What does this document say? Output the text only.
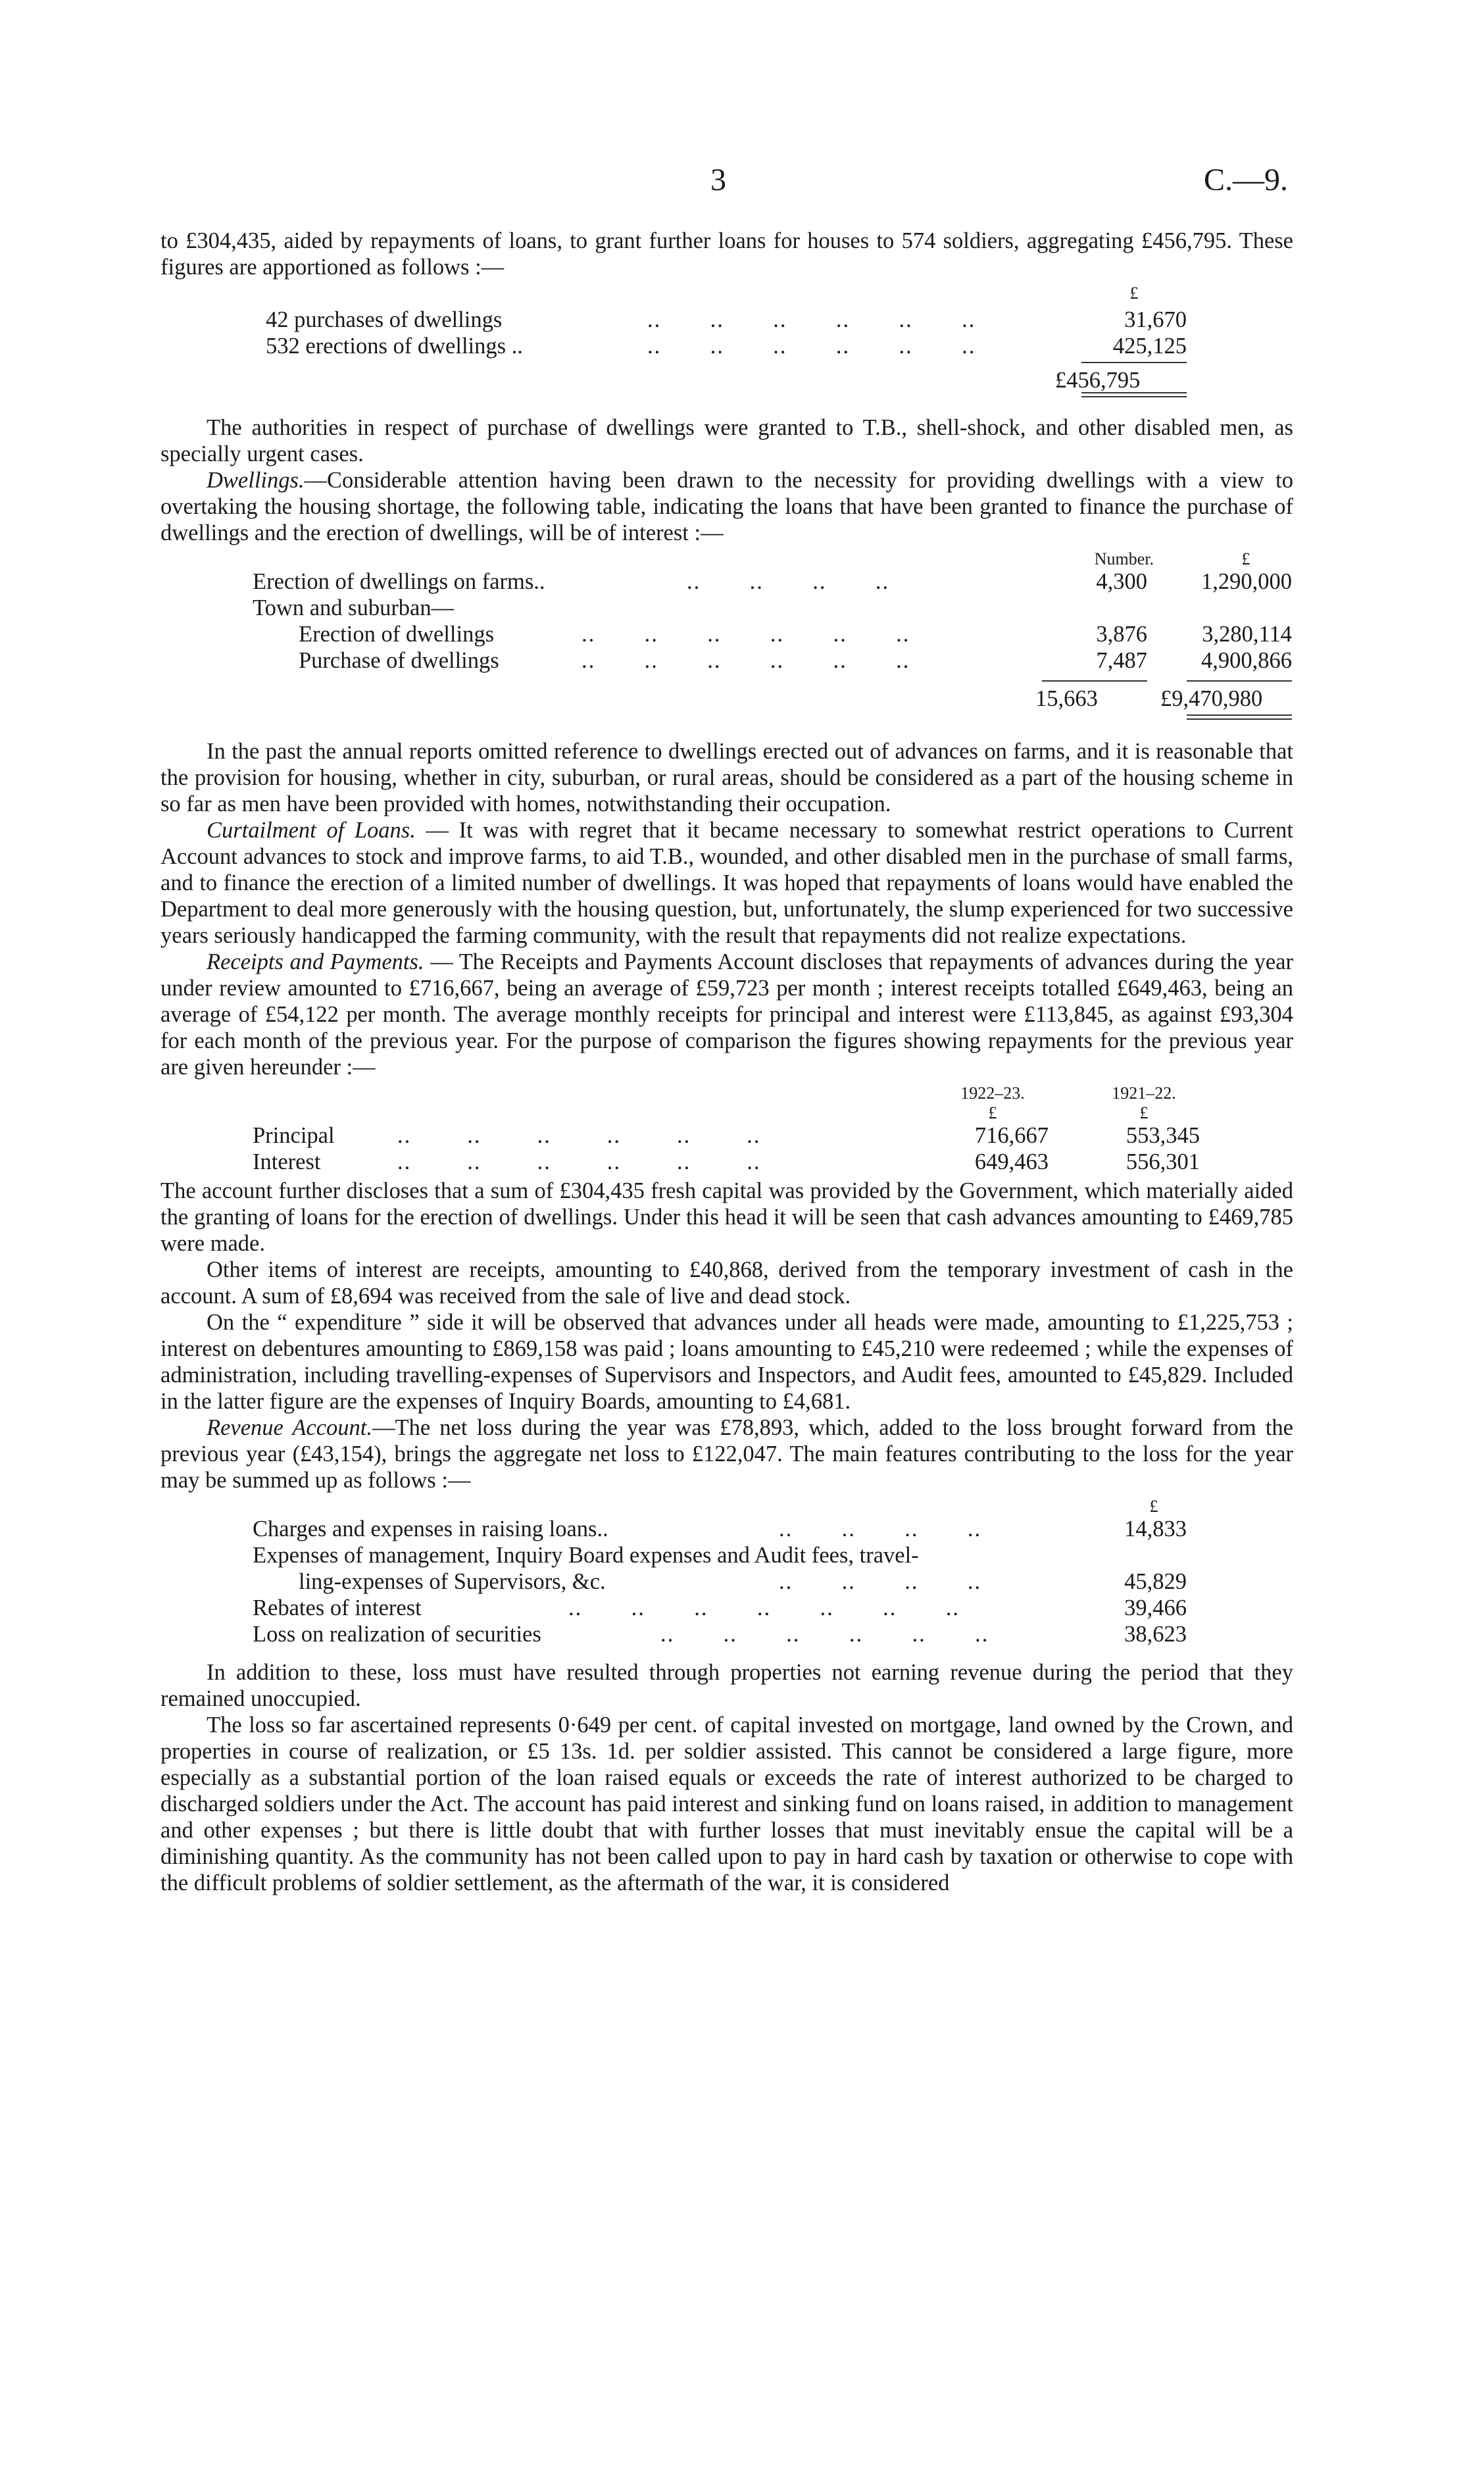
3	C.—9.

to £304,435, aided by repayments of loans, to grant further loans for houses to 574 soldiers, aggregating £456,795. These figures are apportioned as follows :—

£
42 purchases of dwellings	..       ..       ..       ..       ..       ..	31,670
532 erections of dwellings ..	..       ..       ..       ..       ..       ..	425,125
£456,795

The authorities in respect of purchase of dwellings were granted to T.B., shell-shock, and other disabled men, as specially urgent cases.

Dwellings.—Considerable attention having been drawn to the necessity for providing dwellings with a view to overtaking the housing shortage, the following table, indicating the loans that have been granted to finance the purchase of dwellings and the erection of dwellings, will be of interest :—

Number.	£
Erection of dwellings on farms..	..       ..       ..       ..	4,300	1,290,000
Town and suburban—
Erection of dwellings	..       ..       ..       ..       ..       ..	3,876	3,280,114
Purchase of dwellings	..       ..       ..       ..       ..       ..	7,487	4,900,866
15,663	£9,470,980

In the past the annual reports omitted reference to dwellings erected out of advances on farms, and it is reasonable that the provision for housing, whether in city, suburban, or rural areas, should be considered as a part of the housing scheme in so far as men have been provided with homes, notwithstanding their occupation.

Curtailment of Loans. — It was with regret that it became necessary to somewhat restrict operations to Current Account advances to stock and improve farms, to aid T.B., wounded, and other disabled men in the purchase of small farms, and to finance the erection of a limited number of dwellings. It was hoped that repayments of loans would have enabled the Department to deal more generously with the housing question, but, unfortunately, the slump experienced for two successive years seriously handicapped the farming community, with the result that repayments did not realize expectations.

Receipts and Payments. — The Receipts and Payments Account discloses that repayments of advances during the year under review amounted to £716,667, being an average of £59,723 per month ; interest receipts totalled £649,463, being an average of £54,122 per month. The average monthly receipts for principal and interest were £113,845, as against £93,304 for each month of the previous year. For the purpose of comparison the figures showing repayments for the previous year are given hereunder :—

1922–23.	1921–22.
£	£
Principal	..        ..        ..        ..        ..        ..	716,667	553,345
Interest	..        ..        ..        ..        ..        ..	649,463	556,301

The account further discloses that a sum of £304,435 fresh capital was provided by the Government, which materially aided the granting of loans for the erection of dwellings. Under this head it will be seen that cash advances amounting to £469,785 were made.

Other items of interest are receipts, amounting to £40,868, derived from the temporary investment of cash in the account. A sum of £8,694 was received from the sale of live and dead stock.

On the “ expenditure ” side it will be observed that advances under all heads were made, amounting to £1,225,753 ; interest on debentures amounting to £869,158 was paid ; loans amounting to £45,210 were redeemed ; while the expenses of administration, including travelling-expenses of Supervisors and Inspectors, and Audit fees, amounted to £45,829. Included in the latter figure are the expenses of Inquiry Boards, amounting to £4,681.

Revenue Account.—The net loss during the year was £78,893, which, added to the loss brought forward from the previous year (£43,154), brings the aggregate net loss to £122,047. The main features contributing to the loss for the year may be summed up as follows :—

£
Charges and expenses in raising loans..	..       ..       ..       ..	14,833
Expenses of management, Inquiry Board expenses and Audit fees, travel-
ling-expenses of Supervisors, &c.	..       ..       ..       ..	45,829
Rebates of interest	..       ..       ..       ..       ..       ..       ..	39,466
Loss on realization of securities	..       ..       ..       ..       ..       ..	38,623

In addition to these, loss must have resulted through properties not earning revenue during the period that they remained unoccupied.

The loss so far ascertained represents 0·649 per cent. of capital invested on mortgage, land owned by the Crown, and properties in course of realization, or £5 13s. 1d. per soldier assisted. This cannot be considered a large figure, more especially as a substantial portion of the loan raised equals or exceeds the rate of interest authorized to be charged to discharged soldiers under the Act. The account has paid interest and sinking fund on loans raised, in addition to management and other expenses ; but there is little doubt that with further losses that must inevitably ensue the capital will be a diminishing quantity. As the community has not been called upon to pay in hard cash by taxation or otherwise to cope with the difficult problems of soldier settlement, as the aftermath of the war, it is considered
